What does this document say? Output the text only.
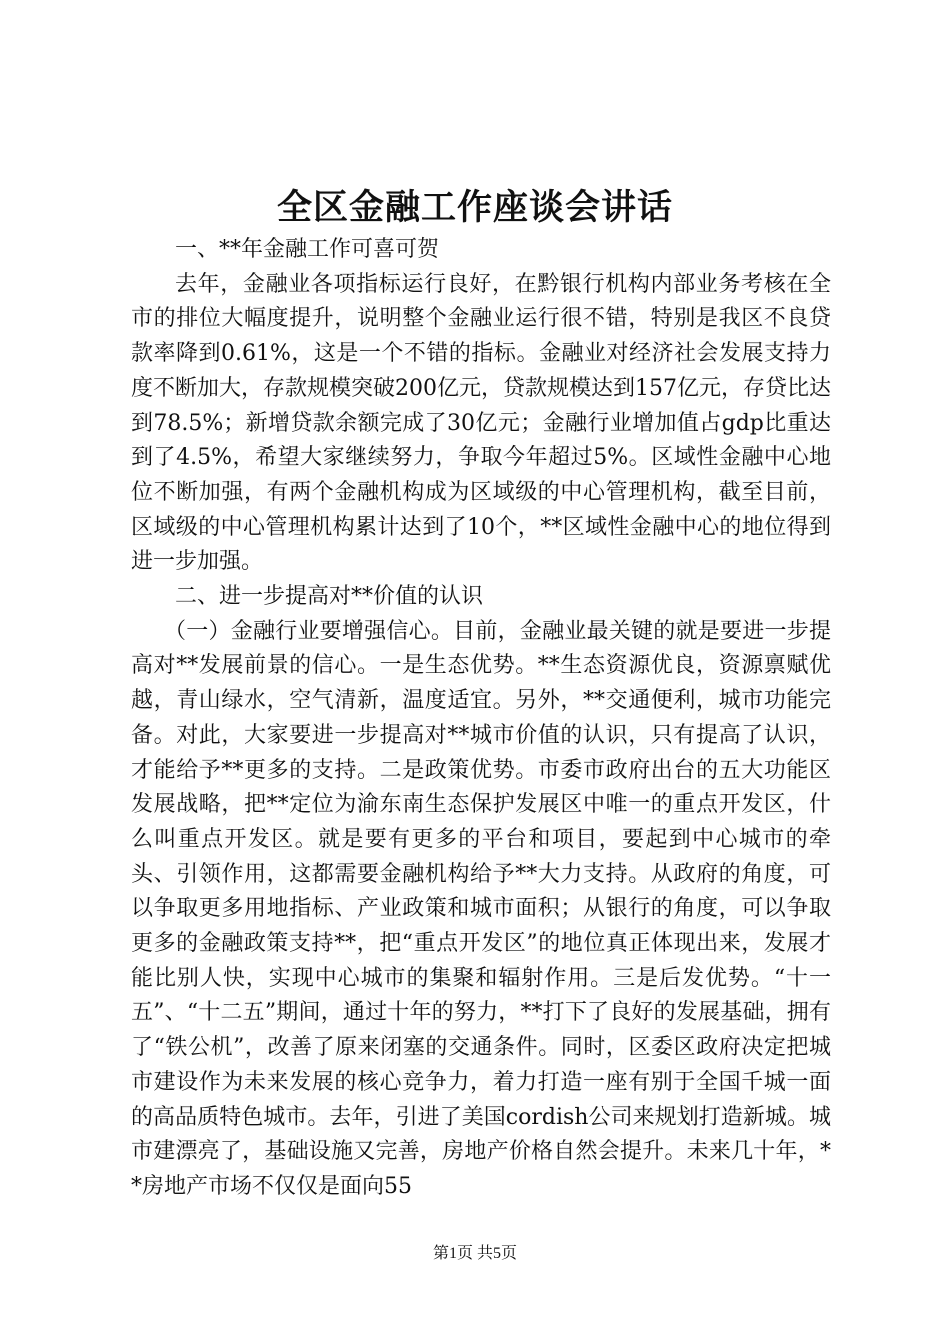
全区金融工作座谈会讲话

一、**年金融工作可喜可贺

去年，金融业各项指标运行良好，在黔银行机构内部业务考核在全市的排位大幅度提升，说明整个金融业运行很不错，特别是我区不良贷款率降到0.61%，这是一个不错的指标。金融业对经济社会发展支持力度不断加大，存款规模突破200亿元，贷款规模达到157亿元，存贷比达到78.5%；新增贷款余额完成了30亿元；金融行业增加值占gdp比重达到了4.5%，希望大家继续努力，争取今年超过5%。区域性金融中心地位不断加强，有两个金融机构成为区域级的中心管理机构，截至目前，区域级的中心管理机构累计达到了10个，**区域性金融中心的地位得到进一步加强。

二、进一步提高对**价值的认识

（一）金融行业要增强信心。目前，金融业最关键的就是要进一步提高对**发展前景的信心。一是生态优势。**生态资源优良，资源禀赋优越，青山绿水，空气清新，温度适宜。另外，**交通便利，城市功能完备。对此，大家要进一步提高对**城市价值的认识，只有提高了认识，才能给予**更多的支持。二是政策优势。市委市政府出台的五大功能区发展战略，把**定位为渝东南生态保护发展区中唯一的重点开发区，什么叫重点开发区。就是要有更多的平台和项目，要起到中心城市的牵头、引领作用，这都需要金融机构给予**大力支持。从政府的角度，可以争取更多用地指标、产业政策和城市面积；从银行的角度，可以争取更多的金融政策支持**，把“重点开发区”的地位真正体现出来，发展才能比别人快，实现中心城市的集聚和辐射作用。三是后发优势。“十一五”、“十二五”期间，通过十年的努力，**打下了良好的发展基础，拥有了“铁公机”，改善了原来闭塞的交通条件。同时，区委区政府决定把城市建设作为未来发展的核心竞争力，着力打造一座有别于全国千城一面的高品质特色城市。去年，引进了美国cordish公司来规划打造新城。城市建漂亮了，基础设施又完善，房地产价格自然会提升。未来几十年，**房地产市场不仅仅是面向55

第1页 共5页
